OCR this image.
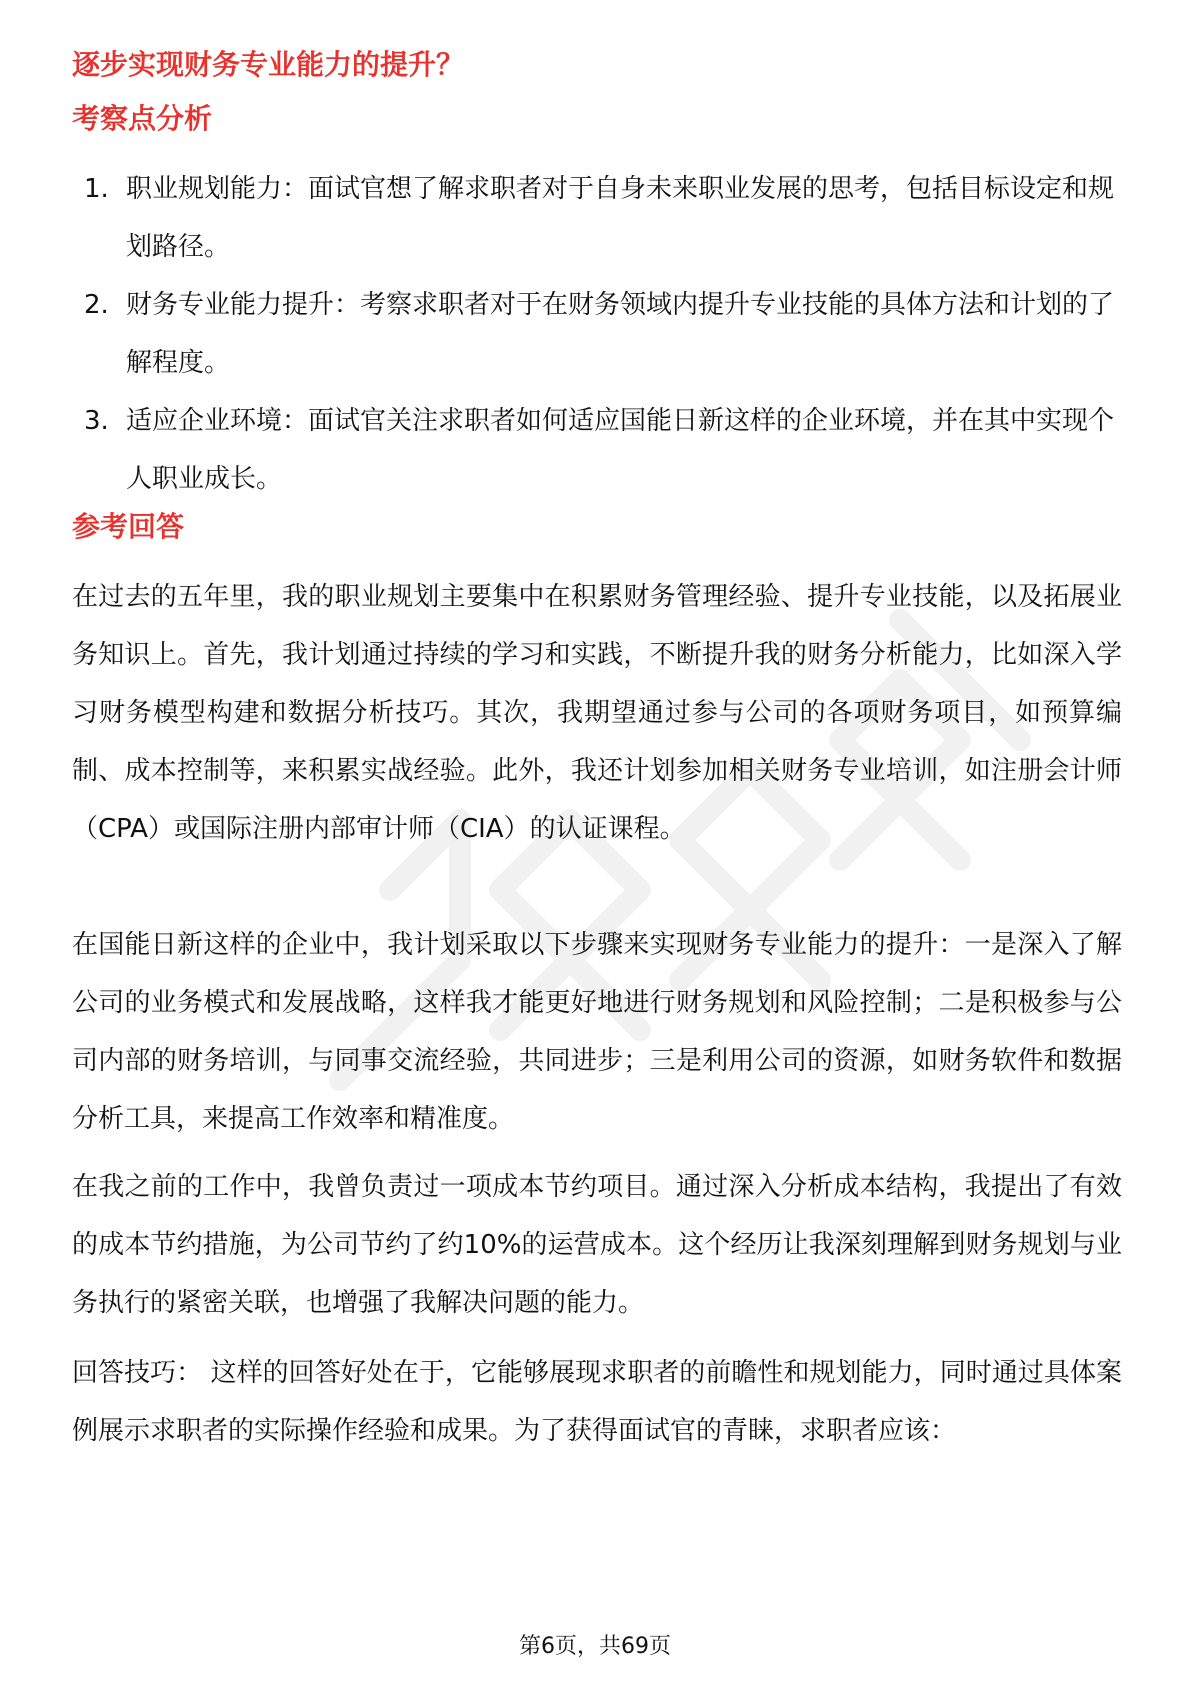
逐步实现财务专业能力的提升？
考察点分析
1. 职业规划能力：面试官想了解求职者对于自身未来职业发展的思考，包括目标设定和规划路径。
2. 财务专业能力提升：考察求职者对于在财务领域内提升专业技能的具体方法和计划的了解程度。
3. 适应企业环境：面试官关注求职者如何适应国能日新这样的企业环境，并在其中实现个人职业成长。
参考回答

在过去的五年里，我的职业规划主要集中在积累财务管理经验、提升专业技能，以及拓展业务知识上。首先，我计划通过持续的学习和实践，不断提升我的财务分析能力，比如深入学习财务模型构建和数据分析技巧。其次，我期望通过参与公司的各项财务项目，如预算编制、成本控制等，来积累实战经验。此外，我还计划参加相关财务专业培训，如注册会计师（CPA）或国际注册内部审计师（CIA）的认证课程。

在国能日新这样的企业中，我计划采取以下步骤来实现财务专业能力的提升：一是深入了解公司的业务模式和发展战略，这样我才能更好地进行财务规划和风险控制；二是积极参与公司内部的财务培训，与同事交流经验，共同进步；三是利用公司的资源，如财务软件和数据分析工具，来提高工作效率和精准度。

在我之前的工作中，我曾负责过一项成本节约项目。通过深入分析成本结构，我提出了有效的成本节约措施，为公司节约了约10%的运营成本。这个经历让我深刻理解到财务规划与业务执行的紧密关联，也增强了我解决问题的能力。

回答技巧： 这样的回答好处在于，它能够展现求职者的前瞻性和规划能力，同时通过具体案例展示求职者的实际操作经验和成果。为了获得面试官的青睐，求职者应该：

第6页，共69页
